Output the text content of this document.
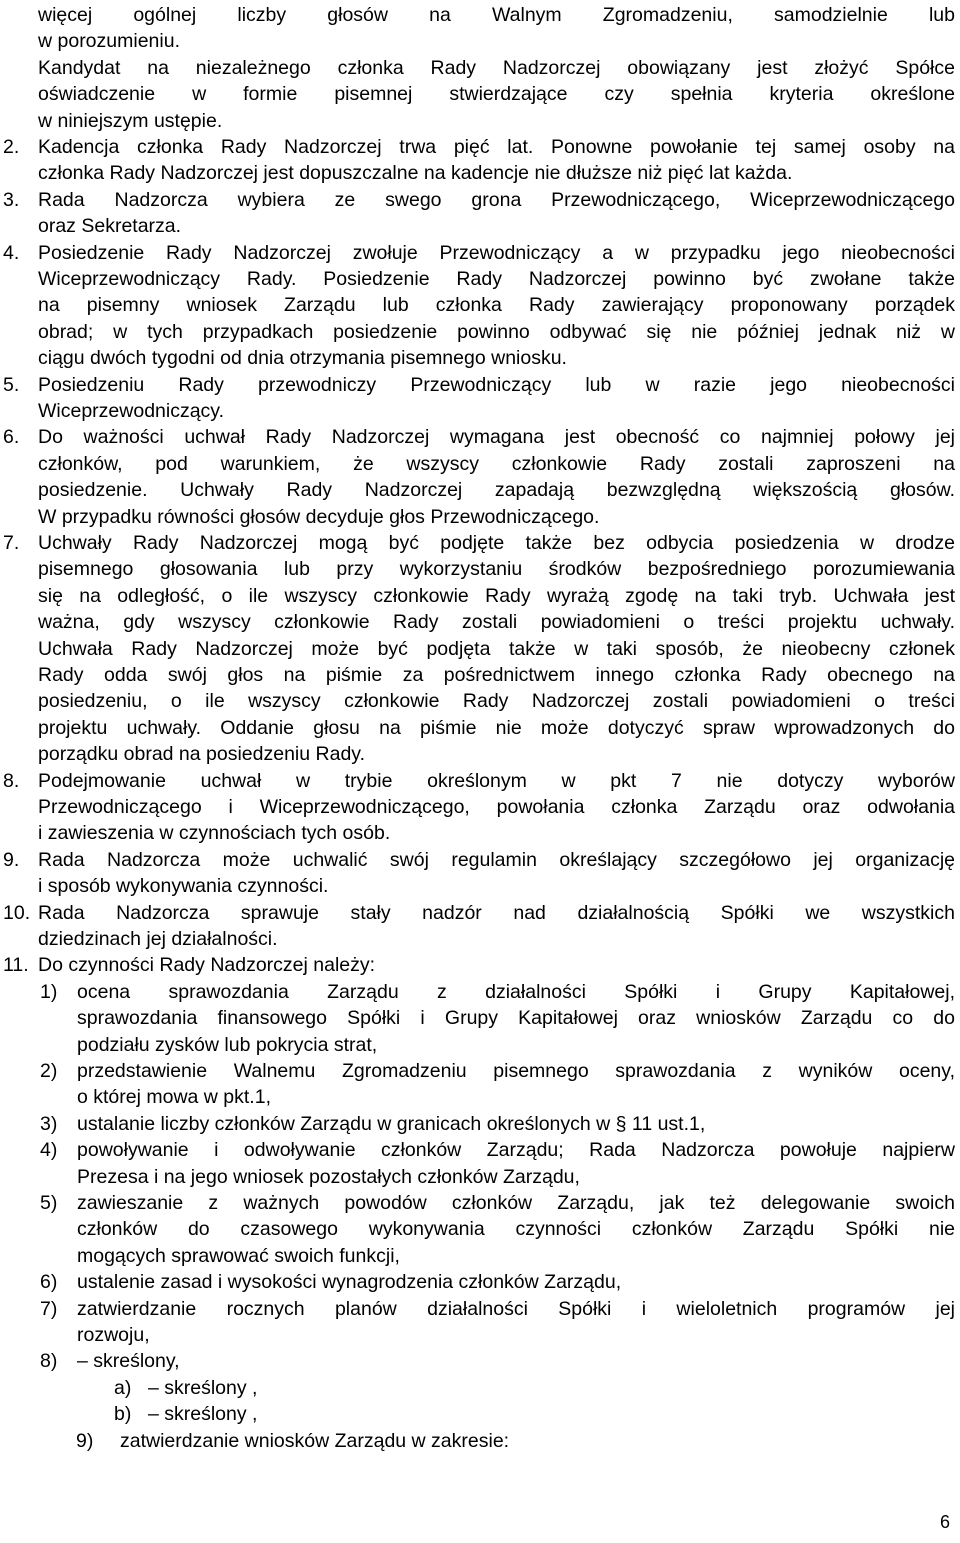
więcej ogólnej liczby głosów na Walnym Zgromadzeniu, samodzielnie lub
w porozumieniu.
Kandydat na niezależnego członka Rady Nadzorczej obowiązany jest złożyć Spółce
oświadczenie w formie pisemnej stwierdzające czy spełnia kryteria określone
w niniejszym ustępie.
2. Kadencja członka Rady Nadzorczej trwa pięć lat. Ponowne powołanie tej samej osoby na
członka Rady Nadzorczej jest dopuszczalne na kadencje nie dłuższe niż pięć lat każda.
3. Rada Nadzorcza wybiera ze swego grona Przewodniczącego, Wiceprzewodniczącego
oraz Sekretarza.
4. Posiedzenie Rady Nadzorczej zwołuje Przewodniczący a w przypadku jego nieobecności
Wiceprzewodniczący Rady. Posiedzenie Rady Nadzorczej powinno być zwołane także
na pisemny wniosek Zarządu lub członka Rady zawierający proponowany porządek
obrad; w tych przypadkach posiedzenie powinno odbywać się nie później jednak niż w
ciągu dwóch tygodni od dnia otrzymania pisemnego wniosku.
5. Posiedzeniu Rady przewodniczy Przewodniczący lub w razie jego nieobecności
Wiceprzewodniczący.
6. Do ważności uchwał Rady Nadzorczej wymagana jest obecność co najmniej połowy jej
członków, pod warunkiem, że wszyscy członkowie Rady zostali zaproszeni na
posiedzenie. Uchwały Rady Nadzorczej zapadają bezwzględną większością głosów.
W przypadku równości głosów decyduje głos Przewodniczącego.
7. Uchwały Rady Nadzorczej mogą być podjęte także bez odbycia posiedzenia w drodze
pisemnego głosowania lub przy wykorzystaniu środków bezpośredniego porozumiewania
się na odległość, o ile wszyscy członkowie Rady wyrażą zgodę na taki tryb. Uchwała jest
ważna, gdy wszyscy członkowie Rady zostali powiadomieni o treści projektu uchwały.
Uchwała Rady Nadzorczej może być podjęta także w taki sposób, że nieobecny członek
Rady odda swój głos na piśmie za pośrednictwem innego członka Rady obecnego na
posiedzeniu, o ile wszyscy członkowie Rady Nadzorczej zostali powiadomieni o treści
projektu uchwały. Oddanie głosu na piśmie nie może dotyczyć spraw wprowadzonych do
porządku obrad na posiedzeniu Rady.
8. Podejmowanie uchwał w trybie określonym w pkt 7 nie dotyczy wyborów
Przewodniczącego i Wiceprzewodniczącego, powołania członka Zarządu oraz odwołania
i zawieszenia w czynnościach tych osób.
9. Rada Nadzorcza może uchwalić swój regulamin określający szczegółowo jej organizację
i sposób wykonywania czynności.
10. Rada Nadzorcza sprawuje stały nadzór nad działalnością Spółki we wszystkich
dziedzinach jej działalności.
11. Do czynności Rady Nadzorczej należy:
1) ocena sprawozdania Zarządu z działalności Spółki i Grupy Kapitałowej,
sprawozdania finansowego Spółki i Grupy Kapitałowej oraz wniosków Zarządu co do
podziału zysków lub pokrycia strat,
2) przedstawienie Walnemu Zgromadzeniu pisemnego sprawozdania z wyników oceny,
o której mowa w pkt.1,
3) ustalanie liczby członków Zarządu w granicach określonych w § 11 ust.1,
4) powoływanie i odwoływanie członków Zarządu; Rada Nadzorcza powołuje najpierw
Prezesa i na jego wniosek pozostałych członków Zarządu,
5) zawieszanie z ważnych powodów członków Zarządu, jak też delegowanie swoich
członków do czasowego wykonywania czynności członków Zarządu Spółki nie
mogących sprawować swoich funkcji,
6) ustalenie zasad i wysokości wynagrodzenia członków Zarządu,
7) zatwierdzanie rocznych planów działalności Spółki i wieloletnich programów jej
rozwoju,
8) – skreślony,
a) – skreślony ,
b) – skreślony ,
9) zatwierdzanie wniosków Zarządu w zakresie:
6
